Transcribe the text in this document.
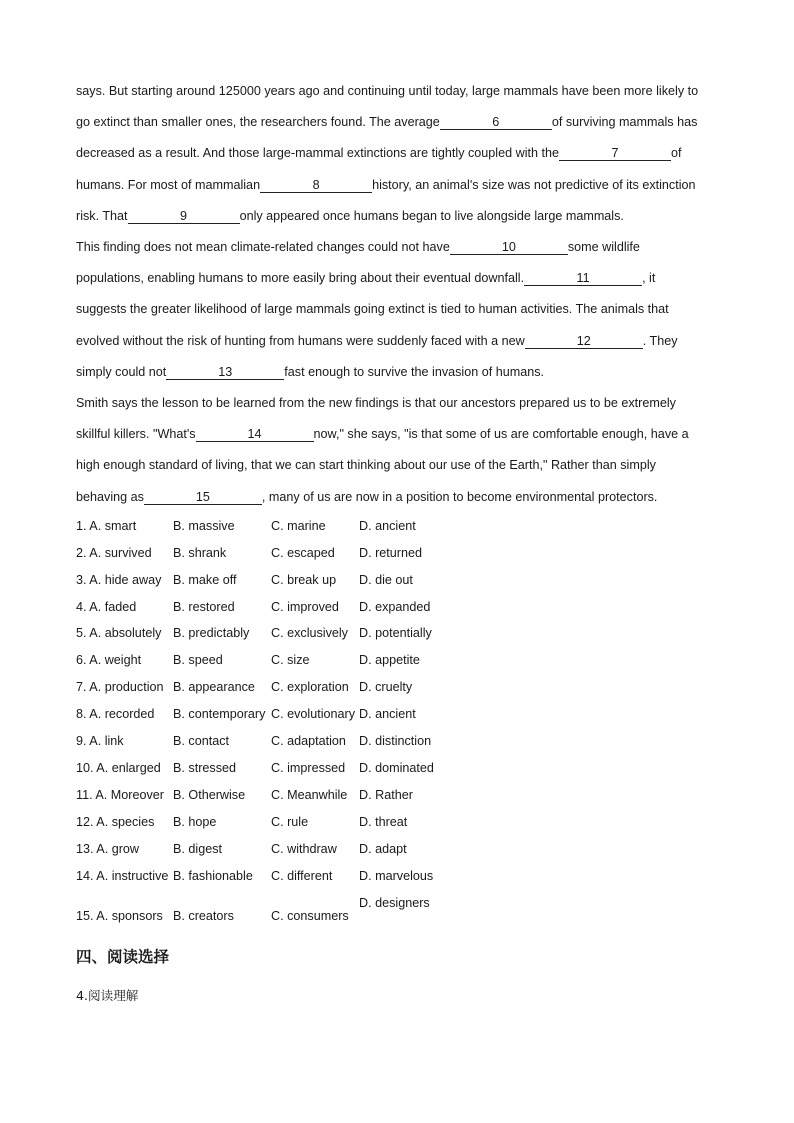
says. But starting around 125000 years ago and continuing until today, large mammals have been more likely to
go extinct than smaller ones, the researchers found. The average	6	of surviving mammals has
decreased as a result. And those large-mammal extinctions are tightly coupled with the	7	of
humans. For most of mammalian	8	history, an animal's size was not predictive of its extinction
risk. That	9	only appeared once humans began to live alongside large mammals.
This finding does not mean climate-related changes could not have	10	some wildlife
populations, enabling humans to more easily bring about their eventual downfall.	11	, it
suggests the greater likelihood of large mammals going extinct is tied to human activities. The animals that
evolved without the risk of hunting from humans were suddenly faced with a new	12	. They
simply could not	13	fast enough to survive the invasion of humans.
Smith says the lesson to be learned from the new findings is that our ancestors prepared us to be extremely
skillful killers. "What's	14	now," she says, "is that some of us are comfortable enough, have a
high enough standard of living, that we can start thinking about our use of the Earth," Rather than simply
behaving as	15	, many of us are now in a position to become environmental protectors.
1. A. smart	B. massive	C. marine	D. ancient
2. A. survived B. shrank	C. escaped D. returned
3. A. hide away B. make off	C. break up D. die out
4. A. faded	B. restored	C. improved D. expanded
5. A. absolutely B. predictably C. exclusively D. potentially
6. A. weight	B. speed	C. size	D. appetite
7. A. production B. appearance C. exploration D. cruelty
8. A. recorded B. contemporary C. evolutionary D. ancient
9. A. link	B. contact	C. adaptation D. distinction
10. A. enlarged B. stressed	C. impressed D. dominated
11. A. Moreover B. Otherwise C. Meanwhile D. Rather
12. A. species B. hope	C. rule	D. threat
13. A. grow	B. digest	C. withdraw D. adapt
14. A. instructive B. fashionable C. different D. marvelous
15. A. sponsors B. creators	C. consumers
D. designers
四、阅读选择
4.阅读理解
